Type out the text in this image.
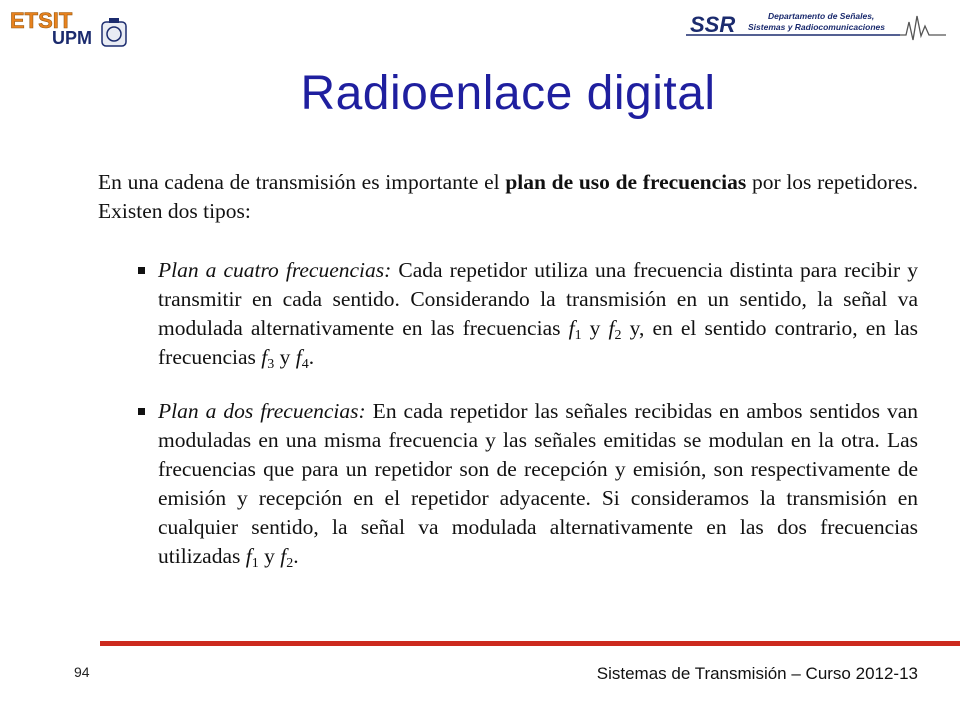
ETSIT
UPM
SSR	Departamento de Señales,
Sistemas y Radiocomunicaciones
Radioenlace digital

En una cadena de transmisión es importante el plan de uso de frecuencias por los repetidores. Existen dos tipos:

Plan a cuatro frecuencias: Cada repetidor utiliza una frecuencia distinta para recibir y transmitir en cada sentido. Considerando la transmisión en un sentido, la señal va modulada alternativamente en las frecuencias $f_1$ y $f_2$ y, en el sentido contrario, en las frecuencias $f_3$ y $f_4$.
Plan a dos frecuencias: En cada repetidor las señales recibidas en ambos sentidos van moduladas en una misma frecuencia y las señales emitidas se modulan en la otra. Las frecuencias que para un repetidor son de recepción y emisión, son respectivamente de emisión y recepción en el repetidor adyacente. Si consideramos la transmisión en cualquier sentido, la señal va modulada alternativamente en las dos frecuencias utilizadas $f_1$ y $f_2$.
94	Sistemas de Transmisión – Curso 2012-13
